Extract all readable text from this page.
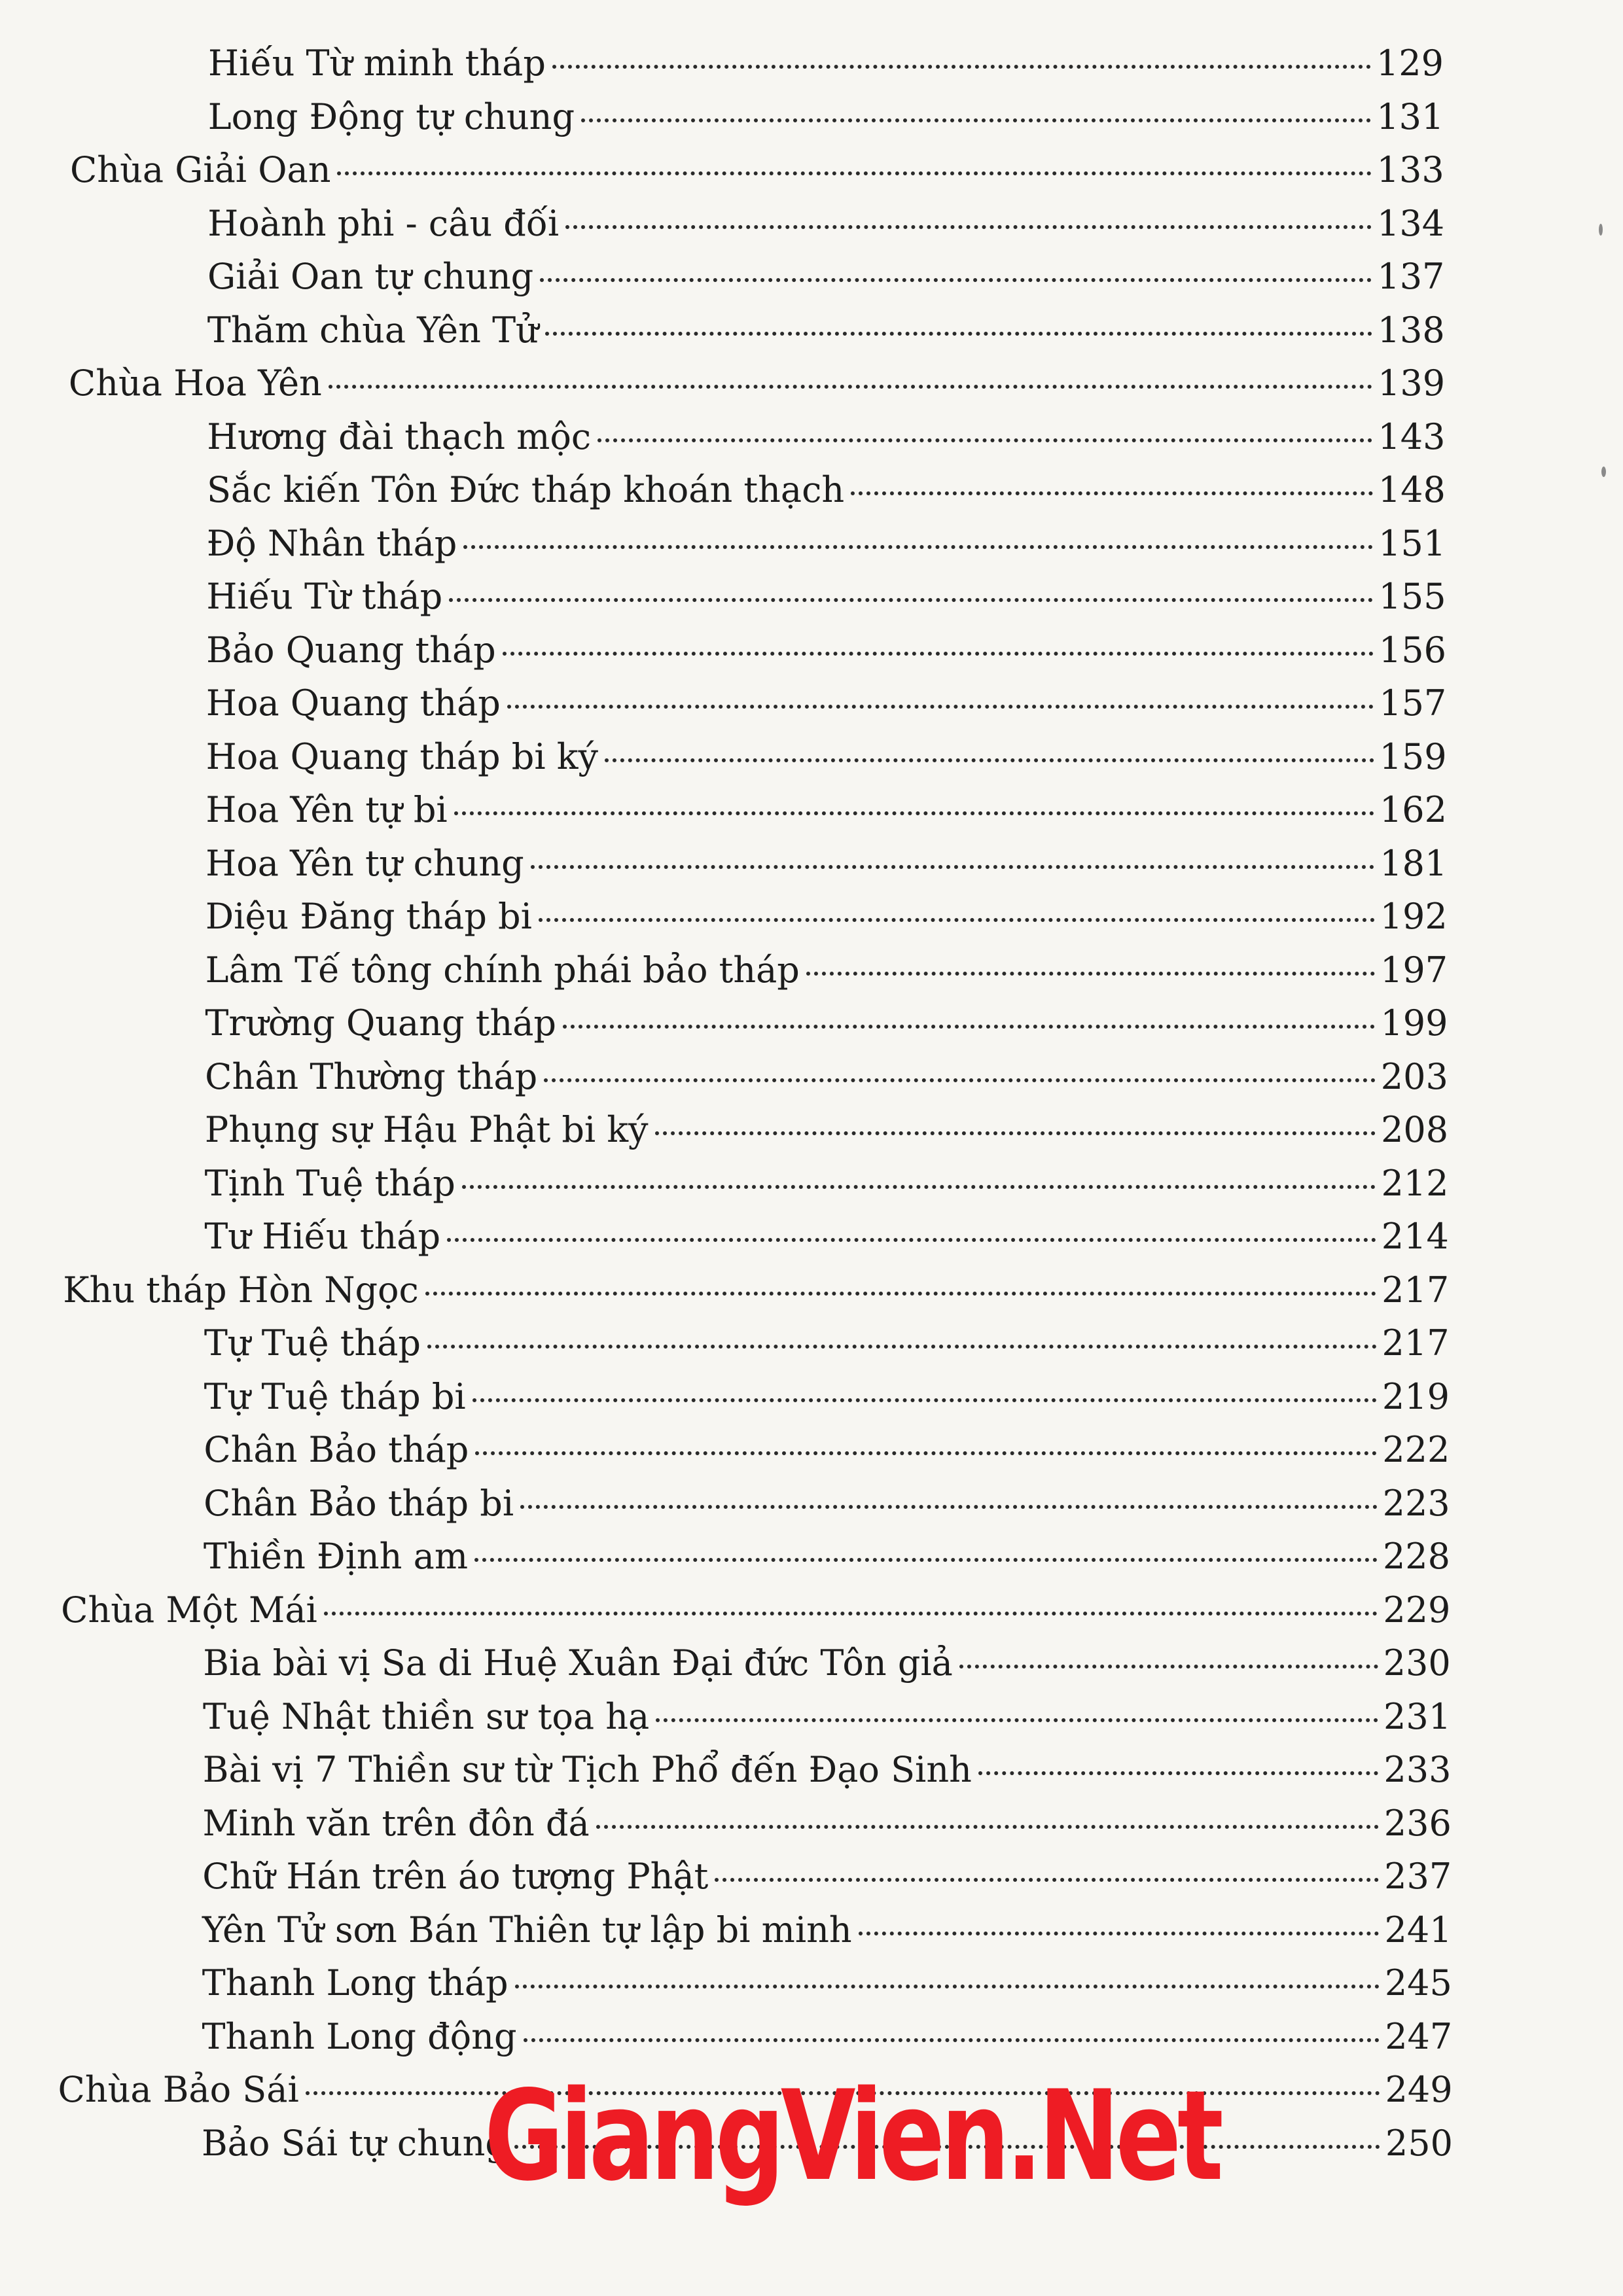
Hiếu Từ minh tháp	129
Long Động tự chung	131
Chùa Giải Oan	133
Hoành phi - câu đối	134
Giải Oan tự chung	137
Thăm chùa Yên Tử	138
Chùa Hoa Yên	139
Hương đài thạch mộc	143
Sắc kiến Tôn Đức tháp khoán thạch	148
Độ Nhân tháp	151
Hiếu Từ tháp	155
Bảo Quang tháp	156
Hoa Quang tháp	157
Hoa Quang tháp bi ký	159
Hoa Yên tự bi	162
Hoa Yên tự chung	181
Diệu Đăng tháp bi	192
Lâm Tế tông chính phái bảo tháp	197
Trường Quang tháp	199
Chân Thường tháp	203
Phụng sự Hậu Phật bi ký	208
Tịnh Tuệ tháp	212
Tư Hiếu tháp	214
Khu tháp Hòn Ngọc	217
Tự Tuệ tháp	217
Tự Tuệ tháp bi	219
Chân Bảo tháp	222
Chân Bảo tháp bi	223
Thiền Định am	228
Chùa Một Mái	229
Bia bài vị Sa di Huệ Xuân Đại đức Tôn giả	230
Tuệ Nhật thiền sư tọa hạ	231
Bài vị 7 Thiền sư từ Tịch Phổ đến Đạo Sinh	233
Minh văn trên đôn đá	236
Chữ Hán trên áo tượng Phật	237
Yên Tử sơn Bán Thiên tự lập bi minh	241
Thanh Long tháp	245
Thanh Long động	247
Chùa Bảo Sái	249
Bảo Sái tự chung	250
GiangVien.Net
